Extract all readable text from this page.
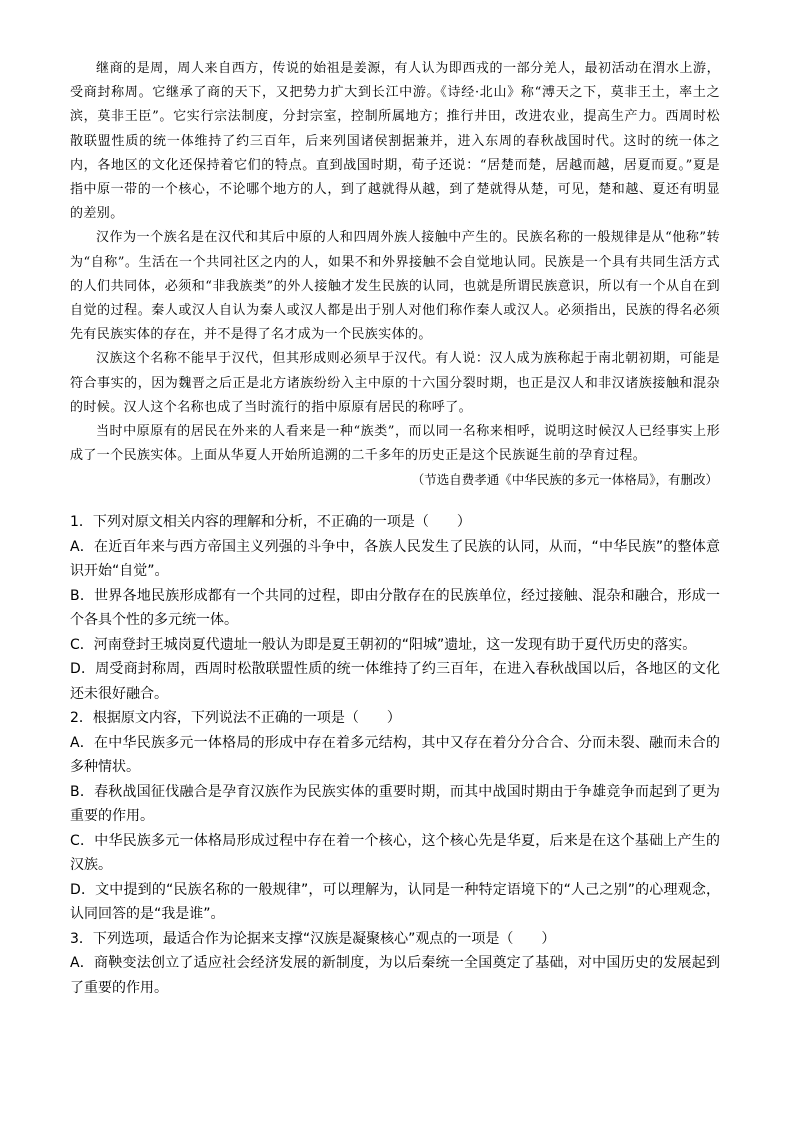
继商的是周，周人来自西方，传说的始祖是姜源，有人认为即西戎的一部分羌人，最初活动在渭水上游，受商封称周。它继承了商的天下，又把势力扩大到长江中游。《诗经·北山》称“溥天之下，莫非王土，率土之滨，莫非王臣”。它实行宗法制度，分封宗室，控制所属地方；推行井田，改进农业，提高生产力。西周时松散联盟性质的统一体维持了约三百年，后来列国诸侯割据兼并，进入东周的春秋战国时代。这时的统一体之内，各地区的文化还保持着它们的特点。直到战国时期，荀子还说：“居楚而楚，居越而越，居夏而夏。”夏是指中原一带的一个核心，不论哪个地方的人，到了越就得从越，到了楚就得从楚，可见，楚和越、夏还有明显的差别。

汉作为一个族名是在汉代和其后中原的人和四周外族人接触中产生的。民族名称的一般规律是从“他称”转为“自称”。生活在一个共同社区之内的人，如果不和外界接触不会自觉地认同。民族是一个具有共同生活方式的人们共同体，必须和“非我族类”的外人接触才发生民族的认同，也就是所谓民族意识，所以有一个从自在到自觉的过程。秦人或汉人自认为秦人或汉人都是出于别人对他们称作秦人或汉人。必须指出，民族的得名必须先有民族实体的存在，并不是得了名才成为一个民族实体的。

汉族这个名称不能早于汉代，但其形成则必须早于汉代。有人说：汉人成为族称起于南北朝初期，可能是符合事实的，因为魏晋之后正是北方诸族纷纷入主中原的十六国分裂时期，也正是汉人和非汉诸族接触和混杂的时候。汉人这个名称也成了当时流行的指中原原有居民的称呼了。

当时中原原有的居民在外来的人看来是一种“族类”，而以同一名称来相呼，说明这时候汉人已经事实上形成了一个民族实体。上面从华夏人开始所追溯的二千多年的历史正是这个民族诞生前的孕育过程。

（节选自费孝通《中华民族的多元一体格局》，有删改）

1．下列对原文相关内容的理解和分析，不正确的一项是（　　）

A．在近百年来与西方帝国主义列强的斗争中，各族人民发生了民族的认同，从而，“中华民族”的整体意识开始“自觉”。

B．世界各地民族形成都有一个共同的过程，即由分散存在的民族单位，经过接触、混杂和融合，形成一个各具个性的多元统一体。

C．河南登封王城岗夏代遗址一般认为即是夏王朝初的“阳城”遗址，这一发现有助于夏代历史的落实。

D．周受商封称周，西周时松散联盟性质的统一体维持了约三百年，在进入春秋战国以后，各地区的文化还未很好融合。

2．根据原文内容，下列说法不正确的一项是（　　）

A．在中华民族多元一体格局的形成中存在着多元结构，其中又存在着分分合合、分而未裂、融而未合的多种情状。

B．春秋战国征伐融合是孕育汉族作为民族实体的重要时期，而其中战国时期由于争雄竞争而起到了更为重要的作用。

C．中华民族多元一体格局形成过程中存在着一个核心，这个核心先是华夏，后来是在这个基础上产生的汉族。

D．文中提到的“民族名称的一般规律”，可以理解为，认同是一种特定语境下的“人己之别”的心理观念，认同回答的是“我是谁”。

3．下列选项，最适合作为论据来支撑“汉族是凝聚核心”观点的一项是（　　）

A．商鞅变法创立了适应社会经济发展的新制度，为以后秦统一全国奠定了基础，对中国历史的发展起到了重要的作用。
